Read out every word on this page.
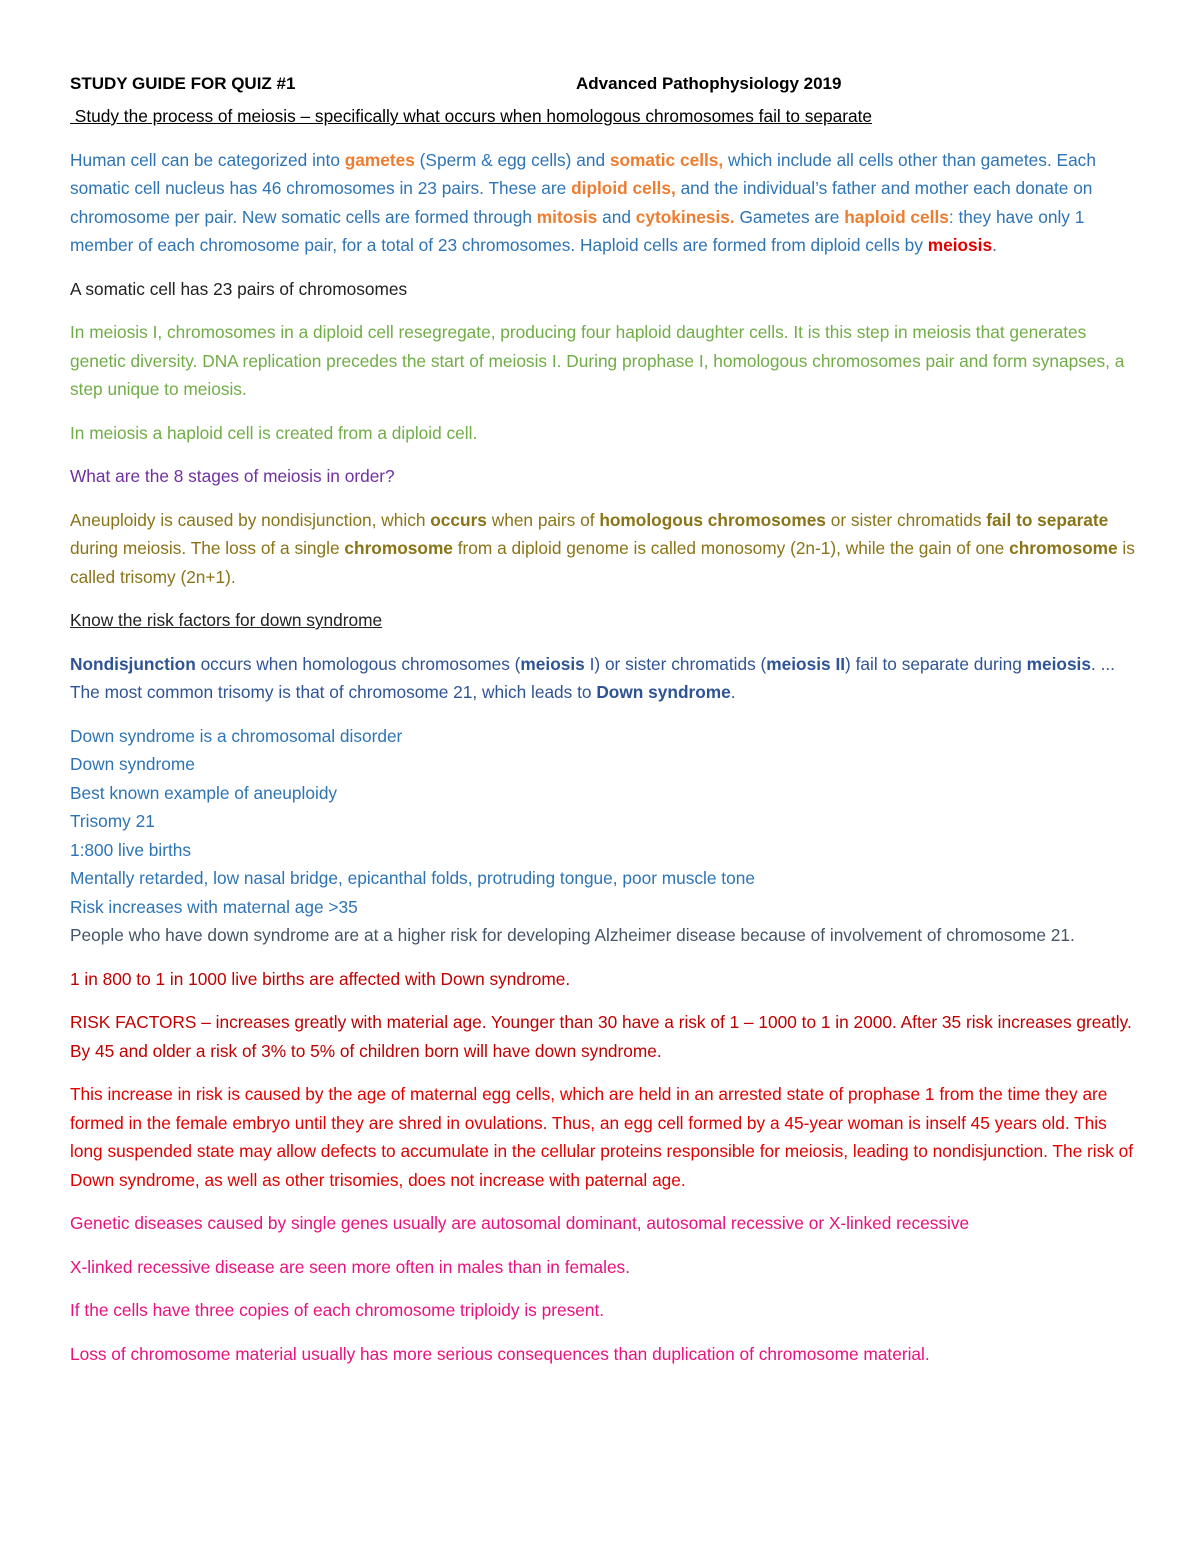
STUDY GUIDE FOR QUIZ #1	Advanced Pathophysiology 2019

Study the process of meiosis – specifically what occurs when homologous chromosomes fail to separate

Human cell can be categorized into gametes (Sperm & egg cells) and somatic cells, which include all cells other than gametes. Each somatic cell nucleus has 46 chromosomes in 23 pairs. These are diploid cells, and the individual’s father and mother each donate on chromosome per pair. New somatic cells are formed through mitosis and cytokinesis. Gametes are haploid cells: they have only 1 member of each chromosome pair, for a total of 23 chromosomes. Haploid cells are formed from diploid cells by meiosis.

A somatic cell has 23 pairs of chromosomes

In meiosis I, chromosomes in a diploid cell resegregate, producing four haploid daughter cells. It is this step in meiosis that generates genetic diversity. DNA replication precedes the start of meiosis I. During prophase I, homologous chromosomes pair and form synapses, a step unique to meiosis.

In meiosis a haploid cell is created from a diploid cell.

What are the 8 stages of meiosis in order?

Aneuploidy is caused by nondisjunction, which occurs when pairs of homologous chromosomes or sister chromatids fail to separate during meiosis. The loss of a single chromosome from a diploid genome is called monosomy (2n-1), while the gain of one chromosome is called trisomy (2n+1).

Know the risk factors for down syndrome

Nondisjunction occurs when homologous chromosomes (meiosis I) or sister chromatids (meiosis II) fail to separate during meiosis. ... The most common trisomy is that of chromosome 21, which leads to Down syndrome.

Down syndrome is a chromosomal disorder
Down syndrome
Best known example of aneuploidy
Trisomy 21
1:800 live births
Mentally retarded, low nasal bridge, epicanthal folds, protruding tongue, poor muscle tone
Risk increases with maternal age >35
People who have down syndrome are at a higher risk for developing Alzheimer disease because of involvement of chromosome 21.

1 in 800 to 1 in 1000 live births are affected with Down syndrome.

RISK FACTORS – increases greatly with material age. Younger than 30 have a risk of 1 – 1000 to 1 in 2000. After 35 risk increases greatly. By 45 and older a risk of 3% to 5% of children born will have down syndrome.

This increase in risk is caused by the age of maternal egg cells, which are held in an arrested state of prophase 1 from the time they are formed in the female embryo until they are shred in ovulations. Thus, an egg cell formed by a 45-year woman is inself 45 years old. This long suspended state may allow defects to accumulate in the cellular proteins responsible for meiosis, leading to nondisjunction. The risk of Down syndrome, as well as other trisomies, does not increase with paternal age.

Genetic diseases caused by single genes usually are autosomal dominant, autosomal recessive or X-linked recessive

X-linked recessive disease are seen more often in males than in females.

If the cells have three copies of each chromosome triploidy is present.

Loss of chromosome material usually has more serious consequences than duplication of chromosome material.
